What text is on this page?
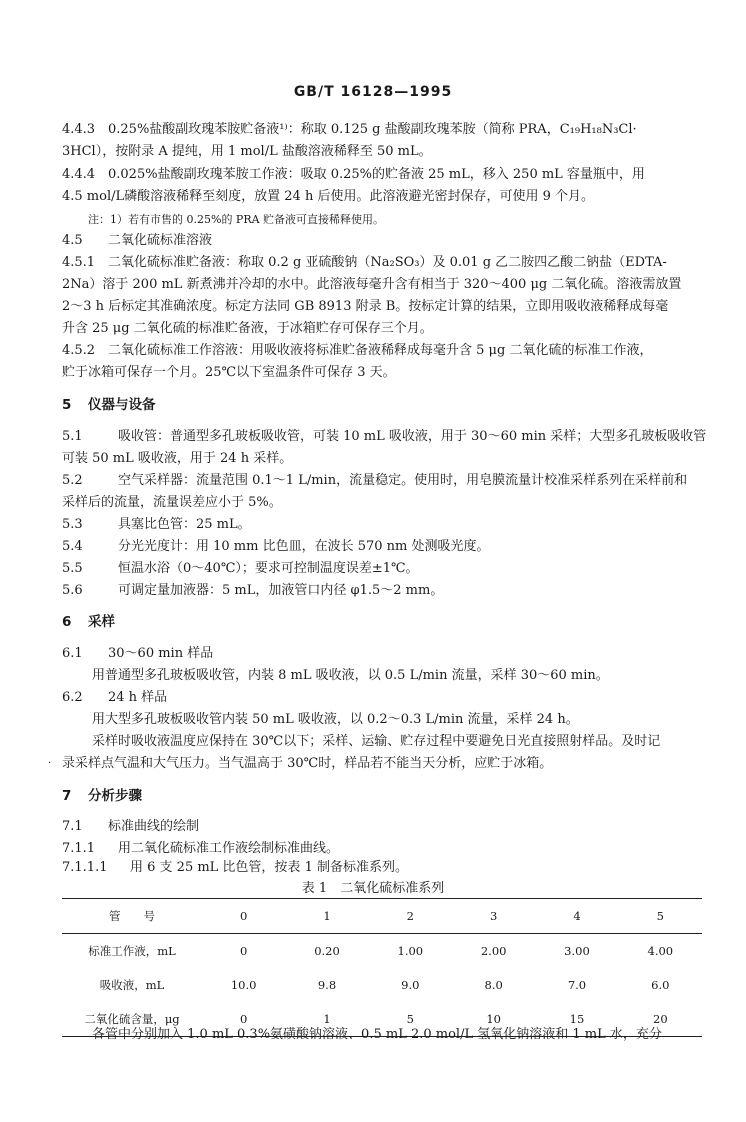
GB/T 16128—1995
4.4.3 0.25%盐酸副玫瑰苯胺贮备液¹⁾：称取 0.125 g 盐酸副玫瑰苯胺（简称 PRA，C₁₉H₁₈N₃Cl·
3HCl），按附录 A 提纯，用 1 mol/L 盐酸溶液稀释至 50 mL。
4.4.4 0.025%盐酸副玫瑰苯胺工作液：吸取 0.25%的贮备液 25 mL，移入 250 mL 容量瓶中，用
4.5 mol/L磷酸溶液稀释至刻度，放置 24 h 后使用。此溶液避光密封保存，可使用 9 个月。
注：1）若有市售的 0.25%的 PRA 贮备液可直接稀释使用。
4.5 二氧化硫标准溶液
4.5.1 二氧化硫标准贮备液：称取 0.2 g 亚硫酸钠（Na₂SO₃）及 0.01 g 乙二胺四乙酸二钠盐（EDTA-
2Na）溶于 200 mL 新煮沸并冷却的水中。此溶液每毫升含有相当于 320～400 μg 二氧化硫。溶液需放置
2～3 h 后标定其准确浓度。标定方法同 GB 8913 附录 B。按标定计算的结果，立即用吸收液稀释成每毫
升含 25 μg 二氧化硫的标准贮备液，于冰箱贮存可保存三个月。
4.5.2 二氧化硫标准工作溶液：用吸收液将标准贮备液稀释成每毫升含 5 μg 二氧化硫的标准工作液，
贮于冰箱可保存一个月。25℃以下室温条件可保存 3 天。
5 仪器与设备
5.1	吸收管：普通型多孔玻板吸收管，可装 10 mL 吸收液，用于 30～60 min 采样；大型多孔玻板吸收管
可装 50 mL 吸收液，用于 24 h 采样。
5.2	空气采样器：流量范围 0.1～1 L/min，流量稳定。使用时，用皂膜流量计校准采样系列在采样前和
采样后的流量，流量误差应小于 5%。
5.3	具塞比色管：25 mL。
5.4	分光光度计：用 10 mm 比色皿，在波长 570 nm 处测吸光度。
5.5	恒温水浴（0～40℃）；要求可控制温度误差±1℃。
5.6	可调定量加液器：5 mL，加液管口内径 φ1.5～2 mm。
6 采样
6.1 30～60 min 样品
用普通型多孔玻板吸收管，内装 8 mL 吸收液，以 0.5 L/min 流量，采样 30～60 min。
6.2 24 h 样品
用大型多孔玻板吸收管内装 50 mL 吸收液，以 0.2～0.3 L/min 流量，采样 24 h。
采样时吸收液温度应保持在 30℃以下；采样、运输、贮存过程中要避免日光直接照射样品。及时记
· 录采样点气温和大气压力。当气温高于 30℃时，样品若不能当天分析，应贮于冰箱。
7 分析步骤
7.1 标准曲线的绘制
7.1.1 用二氧化硫标准工作液绘制标准曲线。
7.1.1.1 用 6 支 25 mL 比色管，按表 1 制备标准系列。
表 1　二氧化硫标准系列
管　　号	0	1	2	3	4	5
标准工作液，mL	0	0.20	1.00	2.00	3.00	4.00
吸收液，mL	10.0	9.8	9.0	8.0	7.0	6.0
二氧化硫含量，μg	0	1	5	10	15	20
各管中分别加入 1.0 mL 0.3%氨磺酸钠溶液、0.5 mL 2.0 mol/L 氢氧化钠溶液和 1 mL 水，充分
